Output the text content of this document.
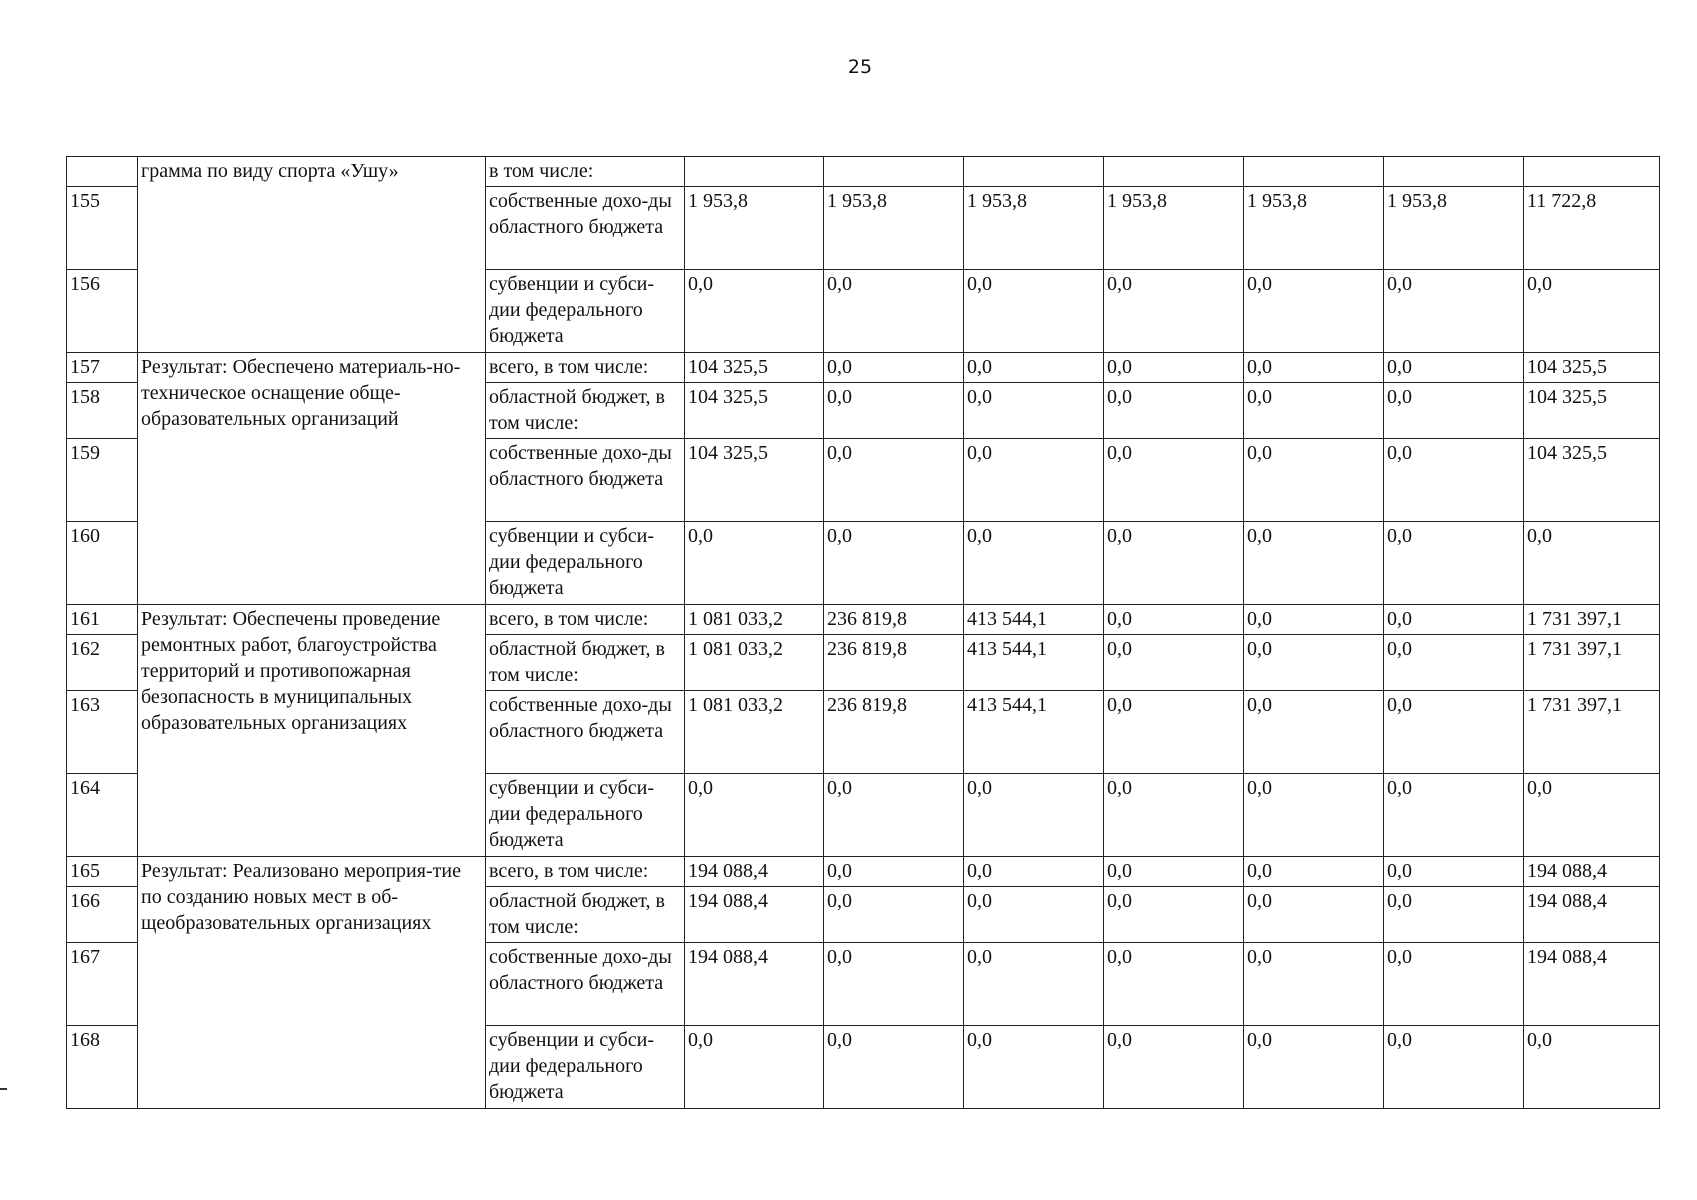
25
	грамма по виду спорта «Ушу»	в том числе:							
155		собственные дохо-ды областного бюджета	1 953,8	1 953,8	1 953,8	1 953,8	1 953,8	1 953,8	11 722,8
156		субвенции и субси-дии федерального бюджета	0,0	0,0	0,0	0,0	0,0	0,0	0,0
157	Результат: Обеспечено материаль-но-техническое оснащение обще-образовательных организаций	всего, в том числе:	104 325,5	0,0	0,0	0,0	0,0	0,0	104 325,5
158		областной бюджет, в том числе:	104 325,5	0,0	0,0	0,0	0,0	0,0	104 325,5
159		собственные дохо-ды областного бюджета	104 325,5	0,0	0,0	0,0	0,0	0,0	104 325,5
160		субвенции и субси-дии федерального бюджета	0,0	0,0	0,0	0,0	0,0	0,0	0,0
161	Результат: Обеспечены проведение ремонтных работ, благоустройства территорий и противопожарная безопасность в муниципальных образовательных организациях	всего, в том числе:	1 081 033,2	236 819,8	413 544,1	0,0	0,0	0,0	1 731 397,1
162		областной бюджет, в том числе:	1 081 033,2	236 819,8	413 544,1	0,0	0,0	0,0	1 731 397,1
163		собственные дохо-ды областного бюджета	1 081 033,2	236 819,8	413 544,1	0,0	0,0	0,0	1 731 397,1
164		субвенции и субси-дии федерального бюджета	0,0	0,0	0,0	0,0	0,0	0,0	0,0
165	Результат: Реализовано мероприя-тие по созданию новых мест в об-щеобразовательных организациях	всего, в том числе:	194 088,4	0,0	0,0	0,0	0,0	0,0	194 088,4
166		областной бюджет, в том числе:	194 088,4	0,0	0,0	0,0	0,0	0,0	194 088,4
167		собственные дохо-ды областного бюджета	194 088,4	0,0	0,0	0,0	0,0	0,0	194 088,4
168		субвенции и субси-дии федерального бюджета	0,0	0,0	0,0	0,0	0,0	0,0	0,0
